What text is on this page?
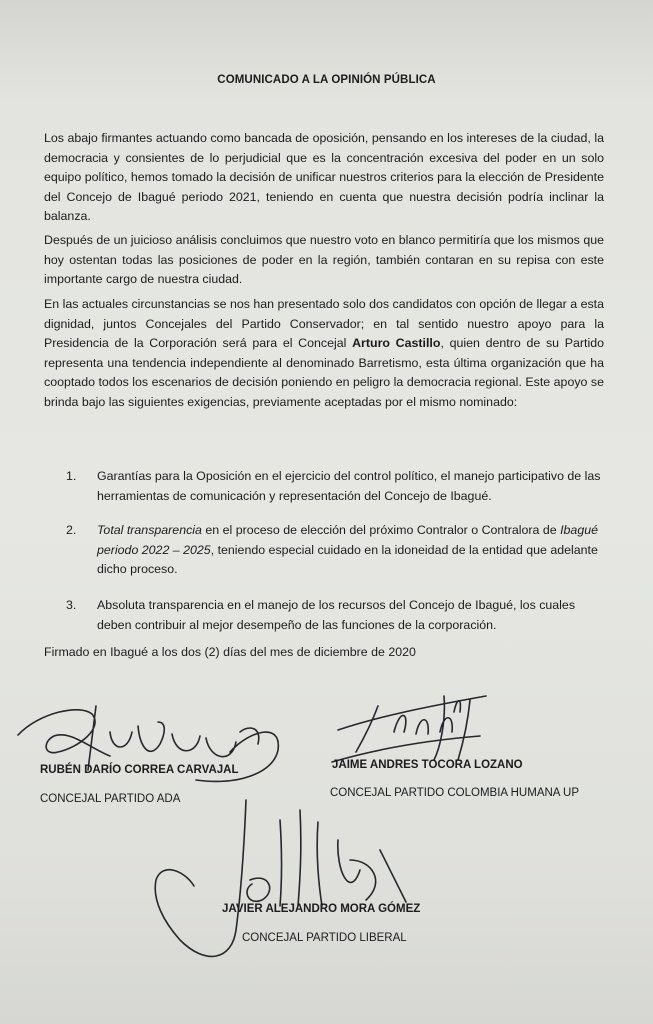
COMUNICADO A LA OPINIÓN PÚBLICA
Los abajo firmantes actuando como bancada de oposición, pensando en los intereses de la ciudad, la democracia y consientes de lo perjudicial que es la concentración excesiva del poder en un solo equipo político, hemos tomado la decisión de unificar nuestros criterios para la elección de Presidente del Concejo de Ibagué periodo 2021, teniendo en cuenta que nuestra decisión podría inclinar la balanza.
Después de un juicioso análisis concluimos que nuestro voto en blanco permitiría que los mismos que hoy ostentan todas las posiciones de poder en la región, también contaran en su repisa con este importante cargo de nuestra ciudad.
En las actuales circunstancias se nos han presentado solo dos candidatos con opción de llegar a esta dignidad, juntos Concejales del Partido Conservador; en tal sentido nuestro apoyo para la Presidencia de la Corporación será para el Concejal Arturo Castillo, quien dentro de su Partido representa una tendencia independiente al denominado Barretismo, esta última organización que ha cooptado todos los escenarios de decisión poniendo en peligro la democracia regional. Este apoyo se brinda bajo las siguientes exigencias, previamente aceptadas por el mismo nominado:
1. Garantías para la Oposición en el ejercicio del control político, el manejo participativo de las herramientas de comunicación y representación del Concejo de Ibagué.
2. Total transparencia en el proceso de elección del próximo Contralor o Contralora de Ibagué periodo 2022 – 2025, teniendo especial cuidado en la idoneidad de la entidad que adelante dicho proceso.
3. Absoluta transparencia en el manejo de los recursos del Concejo de Ibagué, los cuales deben contribuir al mejor desempeño de las funciones de la corporación.
Firmado en Ibagué a los dos (2) días del mes de diciembre de 2020
RUBÉN DARÍO CORREA CARVAJAL
CONCEJAL PARTIDO ADA
JAIME ANDRES TOCORA LOZANO
CONCEJAL PARTIDO COLOMBIA HUMANA UP
JAVIER ALEJANDRO MORA GÓMEZ
CONCEJAL PARTIDO LIBERAL
